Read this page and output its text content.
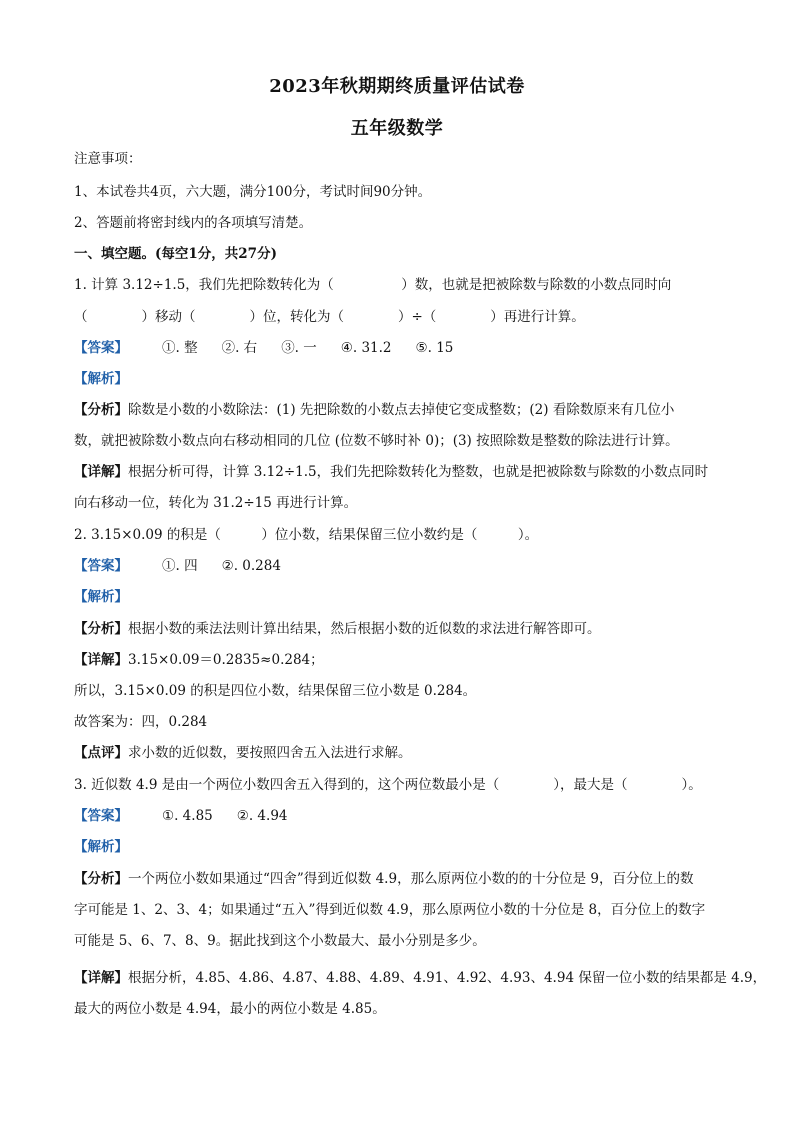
2023年秋期期终质量评估试卷
五年级数学
注意事项：
1、本试卷共4页，六大题，满分100分，考试时间90分钟。
2、答题前将密封线内的各项填写清楚。
一、填空题。(每空1分，共27分)
1. 计算 3.12÷1.5，我们先把除数转化为（　　　　　）数，也就是把被除数与除数的小数点同时向
（　　　　）移动（　　　　）位，转化为（　　　　）÷（　　　　）再进行计算。
【答案】	①. 整 ②. 右 ③. 一 ④. 31.2 ⑤. 15
【解析】
【分析】除数是小数的小数除法：(1) 先把除数的小数点去掉使它变成整数；(2) 看除数原来有几位小
数，就把被除数小数点向右移动相同的几位 (位数不够时补 0)；(3) 按照除数是整数的除法进行计算。
【详解】根据分析可得，计算 3.12÷1.5，我们先把除数转化为整数，也就是把被除数与除数的小数点同时
向右移动一位，转化为 31.2÷15 再进行计算。
2. 3.15×0.09 的积是（　　　）位小数，结果保留三位小数约是（　　　）。
【答案】	①. 四 ②. 0.284
【解析】
【分析】根据小数的乘法法则计算出结果，然后根据小数的近似数的求法进行解答即可。
【详解】3.15×0.09＝0.2835≈0.284；
所以，3.15×0.09 的积是四位小数，结果保留三位小数是 0.284。
故答案为：四，0.284
【点评】求小数的近似数，要按照四舍五入法进行求解。
3. 近似数 4.9 是由一个两位小数四舍五入得到的，这个两位数最小是（　　　　），最大是（　　　　）。
【答案】	①. 4.85 ②. 4.94
【解析】
【分析】一个两位小数如果通过“四舍”得到近似数 4.9，那么原两位小数的的十分位是 9，百分位上的数
字可能是 1、2、3、4；如果通过“五入”得到近似数 4.9，那么原两位小数的十分位是 8，百分位上的数字
可能是 5、6、7、8、9。据此找到这个小数最大、最小分别是多少。
【详解】根据分析，4.85、4.86、4.87、4.88、4.89、4.91、4.92、4.93、4.94 保留一位小数的结果都是 4.9，
最大的两位小数是 4.94，最小的两位小数是 4.85。
